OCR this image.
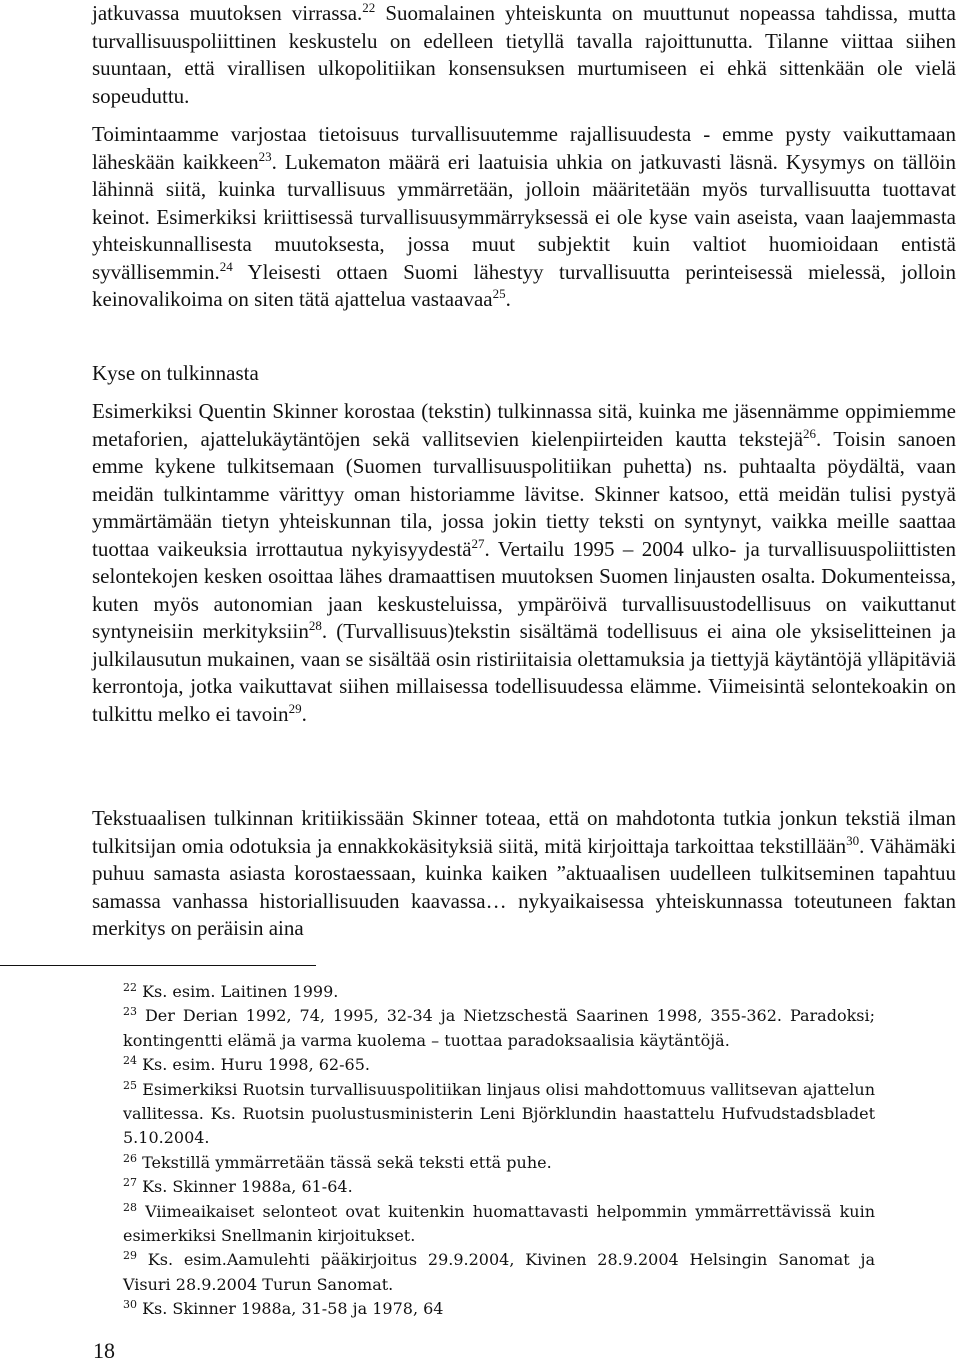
jatkuvassa muutoksen virrassa.$^{22}$ Suomalainen yhteiskunta on muuttunut nopeassa tahdissa, mutta turvallisuuspoliittinen keskustelu on edelleen tietyllä tavalla rajoittunutta. Tilanne viittaa siihen suuntaan, että virallisen ulkopolitiikan konsensuksen murtumiseen ei ehkä sittenkään ole vielä sopeuduttu.

Toimintaamme varjostaa tietoisuus turvallisuutemme rajallisuudesta - emme pysty vaikuttamaan läheskään kaikkeen$^{23}$. Lukematon määrä eri laatuisia uhkia on jatkuvasti läsnä. Kysymys on tällöin lähinnä siitä, kuinka turvallisuus ymmärretään, jolloin määritetään myös turvallisuutta tuottavat keinot. Esimerkiksi kriittisessä turvallisuusymmärryksessä ei ole kyse vain aseista, vaan laajemmasta yhteiskunnallisesta muutoksesta, jossa muut subjektit kuin valtiot huomioidaan entistä syvällisemmin.$^{24}$ Yleisesti ottaen Suomi lähestyy turvallisuutta perinteisessä mielessä, jolloin keinovalikoima on siten tätä ajattelua vastaavaa$^{25}$.

Kyse on tulkinnasta

Esimerkiksi Quentin Skinner korostaa (tekstin) tulkinnassa sitä, kuinka me jäsennämme oppimiemme metaforien, ajattelukäytäntöjen sekä vallitsevien kielenpiirteiden kautta tekstejä$^{26}$. Toisin sanoen emme kykene tulkitsemaan (Suomen turvallisuuspolitiikan puhetta) ns. puhtaalta pöydältä, vaan meidän tulkintamme värittyy oman historiamme lävitse. Skinner katsoo, että meidän tulisi pystyä ymmärtämään tietyn yhteiskunnan tila, jossa jokin tietty teksti on syntynyt, vaikka meille saattaa tuottaa vaikeuksia irrottautua nykyisyydestä$^{27}$. Vertailu 1995 – 2004 ulko- ja turvallisuuspoliittisten selontekojen kesken osoittaa lähes dramaattisen muutoksen Suomen linjausten osalta. Dokumenteissa, kuten myös autonomian jaan keskusteluissa, ympäröivä turvallisuustodellisuus on vaikuttanut syntyneisiin merkityksiin$^{28}$. (Turvallisuus)tekstin sisältämä todellisuus ei aina ole yksiselitteinen ja julkilausutun mukainen, vaan se sisältää osin ristiriitaisia olettamuksia ja tiettyjä käytäntöjä ylläpitäviä kerrontoja, jotka vaikuttavat siihen millaisessa todellisuudessa elämme. Viimeisintä selontekoakin on tulkittu melko ei tavoin$^{29}$.

Tekstuaalisen tulkinnan kritiikissään Skinner toteaa, että on mahdotonta tutkia jonkun tekstiä ilman tulkitsijan omia odotuksia ja ennakkokäsityksiä siitä, mitä kirjoittaja tarkoittaa tekstillään$^{30}$. Vähämäki puhuu samasta asiasta korostaessaan, kuinka kaiken ”aktuaalisen uudelleen tulkitseminen tapahtuu samassa vanhassa historiallisuuden kaavassa… nykyaikaisessa yhteiskunnassa toteutuneen faktan merkitys on peräisin aina

$^{22}$ Ks. esim. Laitinen 1999.

$^{23}$ Der Derian 1992, 74, 1995, 32-34 ja Nietzschestä Saarinen 1998, 355-362. Paradoksi; kontingentti elämä ja varma kuolema – tuottaa paradoksaalisia käytäntöjä.

$^{24}$ Ks. esim. Huru 1998, 62-65.

$^{25}$ Esimerkiksi Ruotsin turvallisuuspolitiikan linjaus olisi mahdottomuus vallitsevan ajattelun vallitessa. Ks. Ruotsin puolustusministerin Leni Björklundin haastattelu Hufvudstadsbladet 5.10.2004.

$^{26}$ Tekstillä ymmärretään tässä sekä teksti että puhe.

$^{27}$ Ks. Skinner 1988a, 61-64.

$^{28}$ Viimeaikaiset selonteot ovat kuitenkin huomattavasti helpommin ymmärrettävissä kuin esimerkiksi Snellmanin kirjoitukset.

$^{29}$ Ks. esim.Aamulehti pääkirjoitus 29.9.2004, Kivinen 28.9.2004 Helsingin Sanomat ja Visuri 28.9.2004 Turun Sanomat.

$^{30}$ Ks. Skinner 1988a, 31-58 ja 1978, 64

18
